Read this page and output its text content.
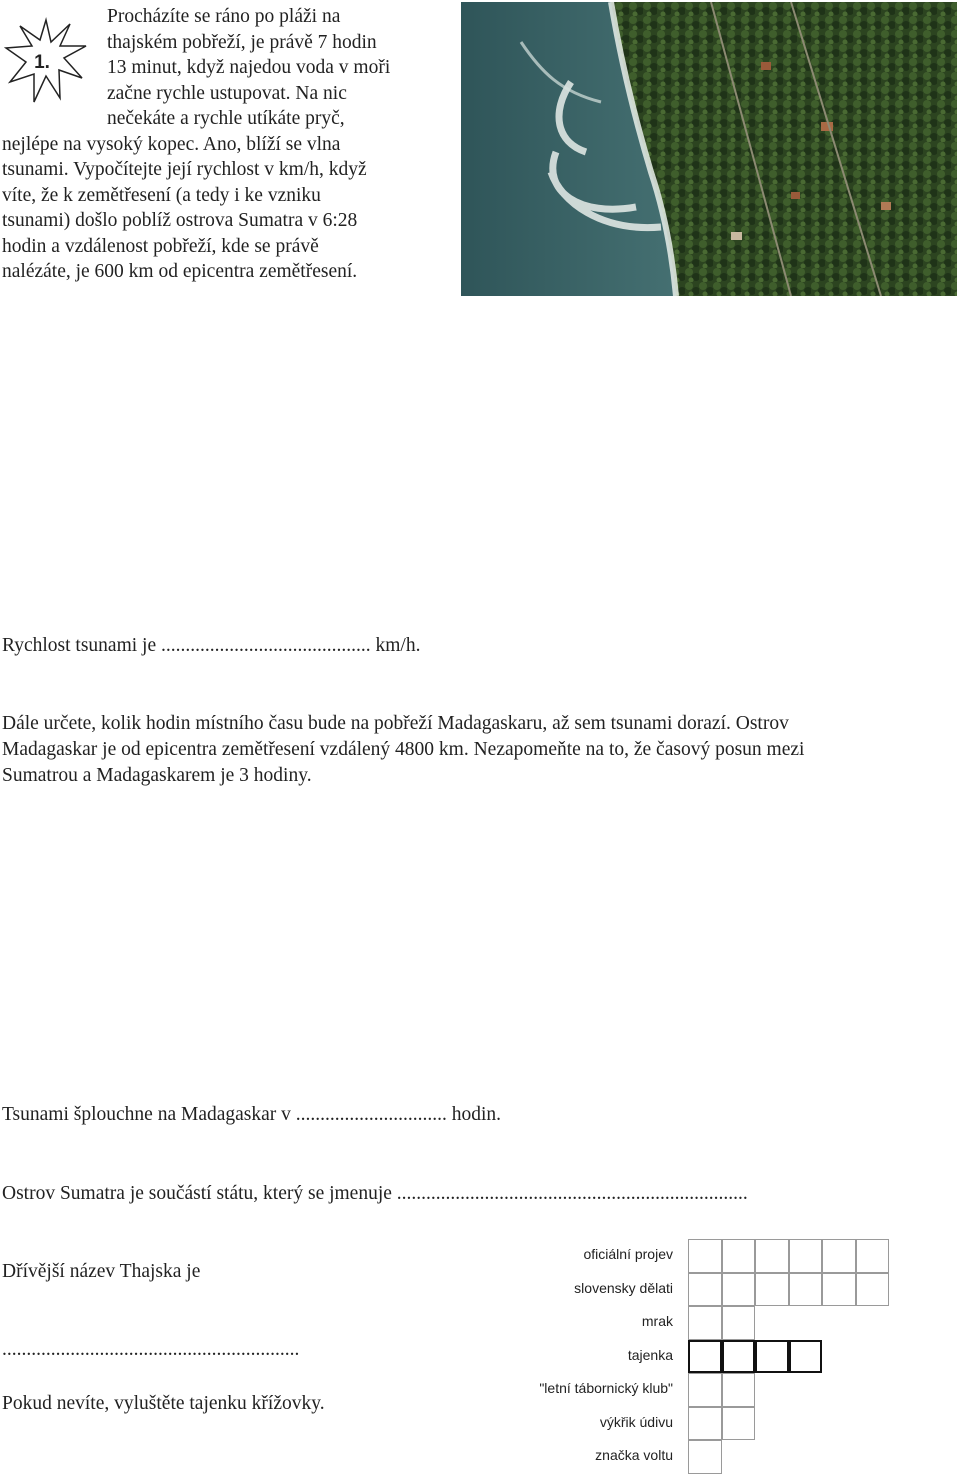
1.
Procházíte se ráno po pláži na
thajském pobřeží, je právě 7 hodin
13 minut, když najedou voda v moři
začne rychle ustupovat. Na nic
nečekáte a rychle utíkáte pryč,
nejlépe na vysoký kopec. Ano, blíží se vlna
tsunami. Vypočítejte její rychlost v km/h, když
víte, že k zemětřesení (a tedy i ke vzniku
tsunami) došlo poblíž ostrova Sumatra v 6:28
hodin a vzdálenost pobřeží, kde se právě
nalézáte, je 600 km od epicentra zemětřesení.
Rychlost tsunami je ........................................... km/h.
Dále určete, kolik hodin místního času bude na pobřeží Madagaskaru, až sem tsunami dorazí. Ostrov
Madagaskar je od epicentra zemětřesení vzdálený 4800 km. Nezapomeňte na to, že časový posun mezi
Sumatrou a Madagaskarem je 3 hodiny.
Tsunami šplouchne na Madagaskar v ............................... hodin.
Ostrov Sumatra je součástí státu, který se jmenuje ........................................................................
Dřívější název Thajska je
.............................................................
Pokud nevíte, vyluštěte tajenku křížovky.
oficiální projev
slovensky dělati
mrak
tajenka
"letní tábornický klub"
výkřik údivu
značka voltu
